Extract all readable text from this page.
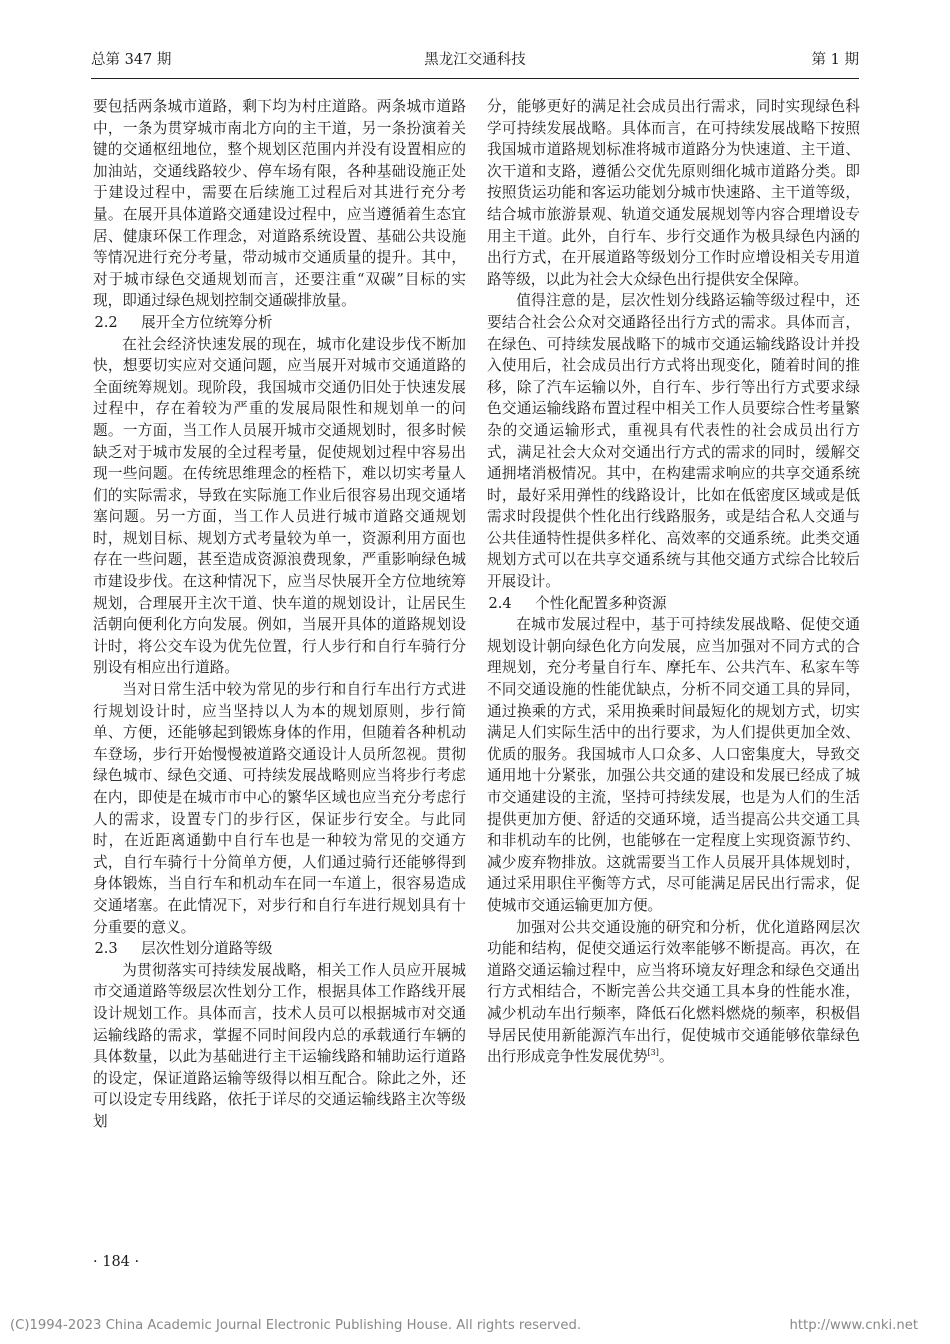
总第 347 期	黑龙江交通科技	第 1 期

要包括两条城市道路，剩下均为村庄道路。两条城市道路中，一条为贯穿城市南北方向的主干道，另一条扮演着关键的交通枢纽地位，整个规划区范围内并没有设置相应的加油站，交通线路较少、停车场有限，各种基础设施正处于建设过程中，需要在后续施工过程后对其进行充分考量。在展开具体道路交通建设过程中，应当遵循着生态宜居、健康环保工作理念，对道路系统设置、基础公共设施等情况进行充分考量，带动城市交通质量的提升。其中，对于城市绿色交通规划而言，还要注重“双碳”目标的实现，即通过绿色规划控制交通碳排放量。

2.2 展开全方位统筹分析

在社会经济快速发展的现在，城市化建设步伐不断加快，想要切实应对交通问题，应当展开对城市交通道路的全面统筹规划。现阶段，我国城市交通仍旧处于快速发展过程中，存在着较为严重的发展局限性和规划单一的问题。一方面，当工作人员展开城市交通规划时，很多时候缺乏对于城市发展的全过程考量，促使规划过程中容易出现一些问题。在传统思维理念的桎梏下，难以切实考量人们的实际需求，导致在实际施工作业后很容易出现交通堵塞问题。另一方面，当工作人员进行城市道路交通规划时，规划目标、规划方式考量较为单一，资源利用方面也存在一些问题，甚至造成资源浪费现象，严重影响绿色城市建设步伐。在这种情况下，应当尽快展开全方位地统筹规划，合理展开主次干道、快车道的规划设计，让居民生活朝向便利化方向发展。例如，当展开具体的道路规划设计时，将公交车设为优先位置，行人步行和自行车骑行分别设有相应出行道路。

当对日常生活中较为常见的步行和自行车出行方式进行规划设计时，应当坚持以人为本的规划原则，步行简单、方便，还能够起到锻炼身体的作用，但随着各种机动车登场，步行开始慢慢被道路交通设计人员所忽视。贯彻绿色城市、绿色交通、可持续发展战略则应当将步行考虑在内，即使是在城市市中心的繁华区域也应当充分考虑行人的需求，设置专门的步行区，保证步行安全。与此同时，在近距离通勤中自行车也是一种较为常见的交通方式，自行车骑行十分简单方便，人们通过骑行还能够得到身体锻炼，当自行车和机动车在同一车道上，很容易造成交通堵塞。在此情况下，对步行和自行车进行规划具有十分重要的意义。

2.3 层次性划分道路等级

为贯彻落实可持续发展战略，相关工作人员应开展城市交通道路等级层次性划分工作，根据具体工作路线开展设计规划工作。具体而言，技术人员可以根据城市对交通运输线路的需求，掌握不同时间段内总的承载通行车辆的具体数量，以此为基础进行主干运输线路和辅助运行道路的设定，保证道路运输等级得以相互配合。除此之外，还可以设定专用线路，依托于详尽的交通运输线路主次等级划

分，能够更好的满足社会成员出行需求，同时实现绿色科学可持续发展战略。具体而言，在可持续发展战略下按照我国城市道路规划标准将城市道路分为快速道、主干道、次干道和支路，遵循公交优先原则细化城市道路分类。即按照货运功能和客运功能划分城市快速路、主干道等级，结合城市旅游景观、轨道交通发展规划等内容合理增设专用主干道。此外，自行车、步行交通作为极具绿色内涵的出行方式，在开展道路等级划分工作时应增设相关专用道路等级，以此为社会大众绿色出行提供安全保障。

值得注意的是，层次性划分线路运输等级过程中，还要结合社会公众对交通路径出行方式的需求。具体而言，在绿色、可持续发展战略下的城市交通运输线路设计并投入使用后，社会成员出行方式将出现变化，随着时间的推移，除了汽车运输以外，自行车、步行等出行方式要求绿色交通运输线路布置过程中相关工作人员要综合性考量繁杂的交通运输形式，重视具有代表性的社会成员出行方式，满足社会大众对交通出行方式的需求的同时，缓解交通拥堵消极情况。其中，在构建需求响应的共享交通系统时，最好采用弹性的线路设计，比如在低密度区域或是低需求时段提供个性化出行线路服务，或是结合私人交通与公共佳通特性提供多样化、高效率的交通系统。此类交通规划方式可以在共享交通系统与其他交通方式综合比较后开展设计。

2.4 个性化配置多种资源

在城市发展过程中，基于可持续发展战略、促使交通规划设计朝向绿色化方向发展，应当加强对不同方式的合理规划，充分考量自行车、摩托车、公共汽车、私家车等不同交通设施的性能优缺点，分析不同交通工具的异同，通过换乘的方式，采用换乘时间最短化的规划方式，切实满足人们实际生活中的出行要求，为人们提供更加全效、优质的服务。我国城市人口众多、人口密集度大，导致交通用地十分紧张，加强公共交通的建设和发展已经成了城市交通建设的主流，坚持可持续发展，也是为人们的生活提供更加方便、舒适的交通环境，适当提高公共交通工具和非机动车的比例，也能够在一定程度上实现资源节约、减少废弃物排放。这就需要当工作人员展开具体规划时，通过采用职住平衡等方式，尽可能满足居民出行需求，促使城市交通运输更加方便。

加强对公共交通设施的研究和分析，优化道路网层次功能和结构，促使交通运行效率能够不断提高。再次，在道路交通运输过程中，应当将环境友好理念和绿色交通出行方式相结合，不断完善公共交通工具本身的性能水准，减少机动车出行频率，降低石化燃料燃烧的频率，积极倡导居民使用新能源汽车出行，促使城市交通能够依靠绿色出行形成竞争性发展优势[3]。

· 184 ·
(C)1994-2023 China Academic Journal Electronic Publishing House. All rights reserved.	http://www.cnki.net
